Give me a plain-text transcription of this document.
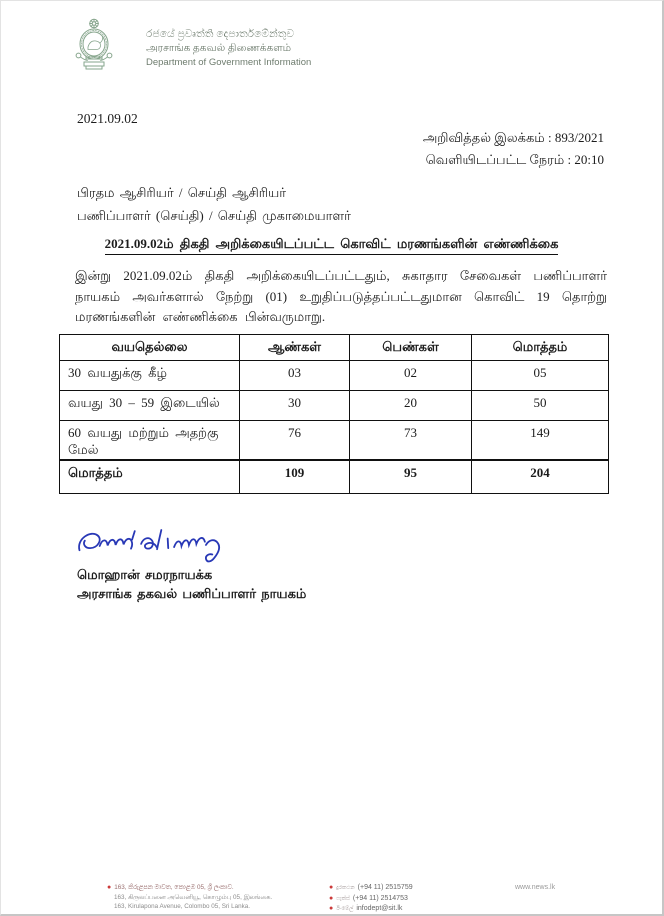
රජයේ ප්‍රවෘත්ති දෙපාර්තමේන්තුව
அரசாங்க தகவல் திணைக்களம்
Department of Government Information
2021.09.02
அறிவித்தல் இலக்கம் : 893/2021
வெளியிடப்பட்ட நேரம் : 20:10
பிரதம ஆசிரியர் / செய்தி ஆசிரியர்
பணிப்பாளர் (செய்தி) / செய்தி முகாமையாளர்
2021.09.02ம் திகதி அறிக்கையிடப்பட்ட கொவிட் மரணங்களின் எண்ணிக்கை
இன்று 2021.09.02ம் திகதி அறிக்கையிடப்பட்டதும், சுகாதார சேவைகள் பணிப்பாளர் நாயகம் அவர்களால் நேற்று (01) உறுதிப்படுத்தப்பட்டதுமான கொவிட் 19 தொற்று மரணங்களின் எண்ணிக்கை பின்வருமாறு.
வயதெல்லை	ஆண்கள்	பெண்கள்	மொத்தம்
30 வயதுக்கு கீழ்	03	02	05
வயது 30 – 59 இடையில்	30	20	50
60 வயது மற்றும் அதற்கு மேல்	76	73	149
மொத்தம்	109	95	204
மொஹான் சமரநாயக்க
அரசாங்க தகவல் பணிப்பாளர் நாயகம்
● 163, කිරුළපන මාවත, කොළඹ 05, ශ්‍රී ලංකාව.
163, கிருலப்பனை அவெனியூ, கொழும்பு 05, இலங்கை.
163, Kirulapona Avenue, Colombo 05, Sri Lanka.
● දුරකථන (+94 11) 2515759
● ෆැක්ස් (+94 11) 2514753
● ඊ-මේල් infodept@sit.lk
www.news.lk
